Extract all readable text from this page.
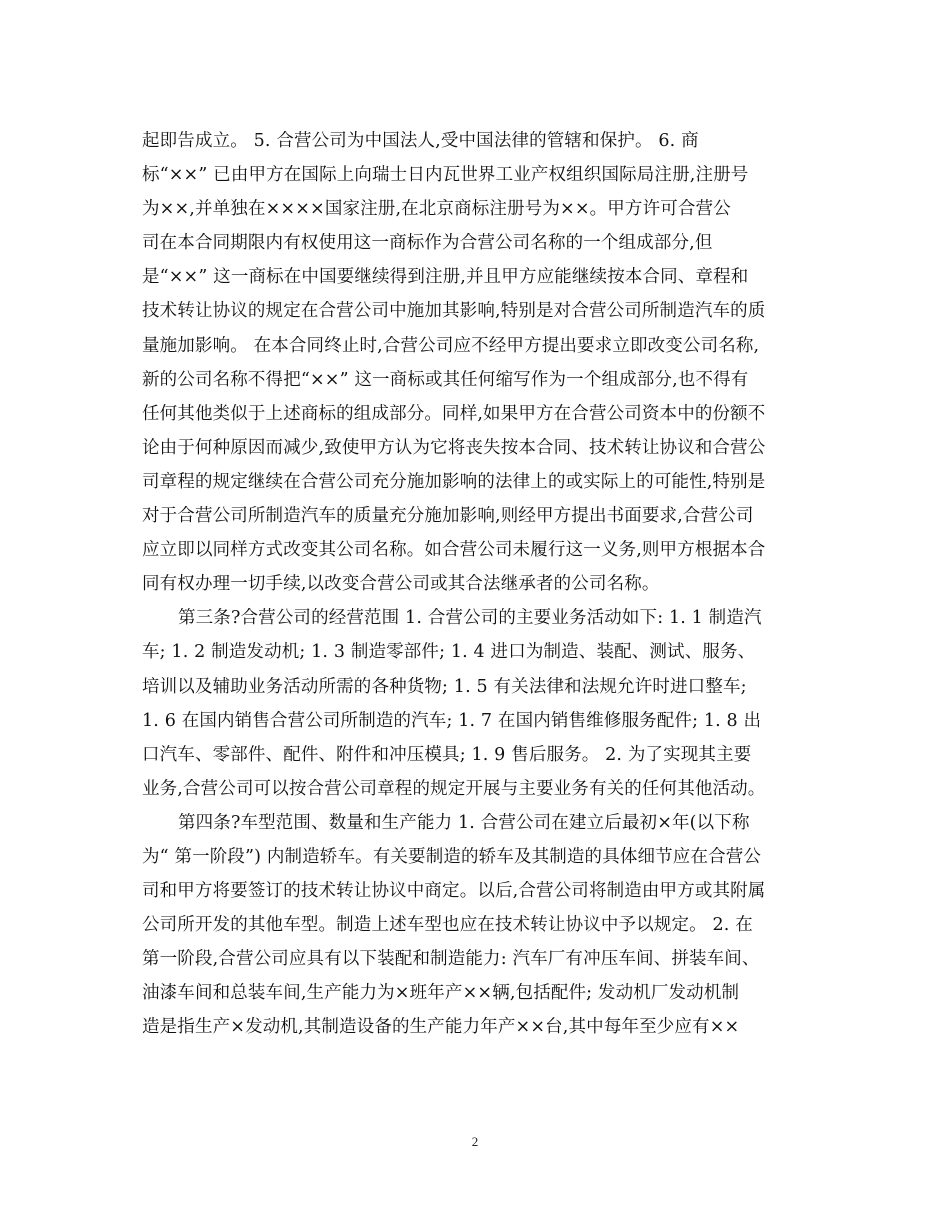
起即告成立。 5. 合营公司为中国法人,受中国法律的管辖和保护。 6. 商
标“××” 已由甲方在国际上向瑞士日内瓦世界工业产权组织国际局注册,注册号
为××,并单独在××××国家注册,在北京商标注册号为××。甲方许可合营公
司在本合同期限内有权使用这一商标作为合营公司名称的一个组成部分,但
是“××” 这一商标在中国要继续得到注册,并且甲方应能继续按本合同、章程和
技术转让协议的规定在合营公司中施加其影响,特别是对合营公司所制造汽车的质
量施加影响。 在本合同终止时,合营公司应不经甲方提出要求立即改变公司名称,
新的公司名称不得把“××” 这一商标或其任何缩写作为一个组成部分,也不得有
任何其他类似于上述商标的组成部分。同样,如果甲方在合营公司资本中的份额不
论由于何种原因而减少,致使甲方认为它将丧失按本合同、技术转让协议和合营公
司章程的规定继续在合营公司充分施加影响的法律上的或实际上的可能性,特别是
对于合营公司所制造汽车的质量充分施加影响,则经甲方提出书面要求,合营公司
应立即以同样方式改变其公司名称。如合营公司未履行这一义务,则甲方根据本合
同有权办理一切手续,以改变合营公司或其合法继承者的公司名称。
第三条?合营公司的经营范围 1. 合营公司的主要业务活动如下: 1. 1 制造汽
车; 1. 2 制造发动机; 1. 3 制造零部件; 1. 4 进口为制造、装配、测试、服务、
培训以及辅助业务活动所需的各种货物; 1. 5 有关法律和法规允许时进口整车;
1. 6 在国内销售合营公司所制造的汽车; 1. 7 在国内销售维修服务配件; 1. 8 出
口汽车、零部件、配件、附件和冲压模具; 1. 9 售后服务。 2. 为了实现其主要
业务,合营公司可以按合营公司章程的规定开展与主要业务有关的任何其他活动。
第四条?车型范围、数量和生产能力 1. 合营公司在建立后最初×年(以下称
为“ 第一阶段”) 内制造轿车。有关要制造的轿车及其制造的具体细节应在合营公
司和甲方将要签订的技术转让协议中商定。以后,合营公司将制造由甲方或其附属
公司所开发的其他车型。制造上述车型也应在技术转让协议中予以规定。 2. 在
第一阶段,合营公司应具有以下装配和制造能力: 汽车厂有冲压车间、拼装车间、
油漆车间和总装车间,生产能力为×班年产××辆,包括配件; 发动机厂发动机制
造是指生产×发动机,其制造设备的生产能力年产××台,其中每年至少应有××
2
